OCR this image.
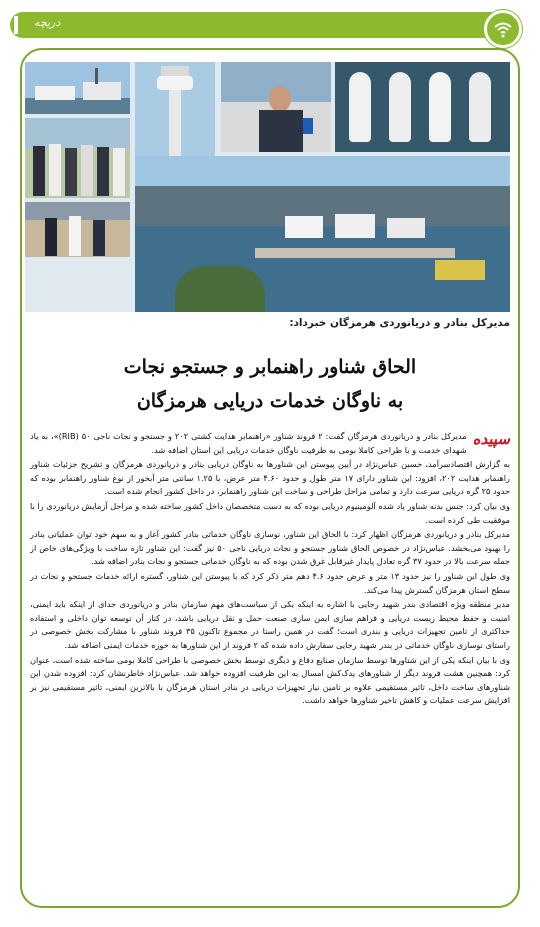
دریچه
مدیرکل بنادر و دریانوردی هرمزگان خبرداد:
الحاق شناور راهنمابر و جستجو نجات
به ناوگان خدمات دریایی هرمزگان
سپیده

مدیرکل بنادر و دریانوردی هرمزگان گفت: ۲ فروند شناور «راهنمابر هدایت کشتی ۲۰۲ و جستجو و نجات ناجی ۵۰ (RIB)»، به یاد شهدای خدمت و با طراحی کاملا بومی به ظرفیت ناوگان خدمات دریایی این استان اضافه شد.

به گزارش اقتصادسرآمد، حسین عباس‌نژاد در آیین پیوستن این شناورها به ناوگان دریایی بنادر و دریانوردی هرمزگان و تشریح جزئیات شناور راهنمابر هدایت ۲۰۲، افزود: این شناور دارای ۱۷ متر طول و حدود ۴.۶۰ متر عرض، با ۱.۲۵ سانتی متر آبخور از نوع شناور راهنمابر بوده که حدود ۲۵ گره دریایی سرعت دارد و تمامی مراحل طراحی و ساخت این شناور راهنمابر، در داخل کشور انجام شده است.

وی بیان کرد: جنس بدنه شناور یاد شده آلومینیوم دریایی بوده که به دست متخصصان داخل کشور ساخته شده و مراحل آزمایش دریانوردی را با موفقیت طی کرده است.

مدیرکل بنادر و دریانوردی هرمزگان اظهار کرد: با الحاق این شناور، نوسازی ناوگان خدماتی بنادر کشور آغاز و به سهم خود توان عملیاتی بنادر را بهبود می‌بخشد. عباس‌نژاد در خصوص الحاق شناور جستجو و نجات دریایی ناجی ۵۰ نیز گفت: این شناور تازه ساخت با ویژگی‌های خاص از جمله سرعت بالا در حدود ۳۷ گره تعادل پایدار غیرقابل غرق شدن بوده که به ناوگان خدماتی جستجو و نجات بنادر اضافه شد.

وی طول این شناور را نیز حدود ۱۳ متر و عرض حدود ۴.۶ دهم متر ذکر کرد که با پیوستن این شناور، گستره ارائه خدمات جستجو و نجات در سطح استان هرمزگان گسترش پیدا می‌کند.

مدیر منطقه ویژه اقتصادی بندر شهید رجایی با اشاره به اینکه یکی از سیاست‌های مهم سازمان بنادر و دریانوردی جدای از اینکه باید ایمنی، امنیت و حفظ محیط زیست دریایی و فراهم سازی ایمن سازی صنعت حمل و نقل دریایی باشد، در کنار آن توسعه توان داخلی و استفاده حداکثری از تامین تجهیزات دریایی و بندری است؛ گفت در همین راستا در مجموع تاکنون ۳۵ فروند شناور با مشارکت بخش خصوصی در راستای نوسازی ناوگان خدماتی در بندر شهید رجایی سفارش داده شده که ۲ فروند از این شناورها به حوزه خدمات ایمنی اضافه شد.

وی با بیان اینکه یکی از این شناورها توسط سازمان صنایع دفاع و دیگری توسط بخش خصوصی با طراحی کاملا بومی ساخته شده است، عنوان کرد: همچنین هشت فروند دیگر از شناورهای یدک‌کش امسال به این ظرفیت افزوده خواهد شد. عباس‌نژاد خاطرنشان کرد: افزوده شدن این شناورهای ساخت داخل، تاثیر مستقیمی علاوه بر تامین نیاز تجهیزات دریایی در بنادر استان هرمزگان با بالاترین ایمنی، تاثیر مستقیمی نیز بر افزایش سرعت عملیات و کاهش تاخیر شناورها خواهد داشت.
